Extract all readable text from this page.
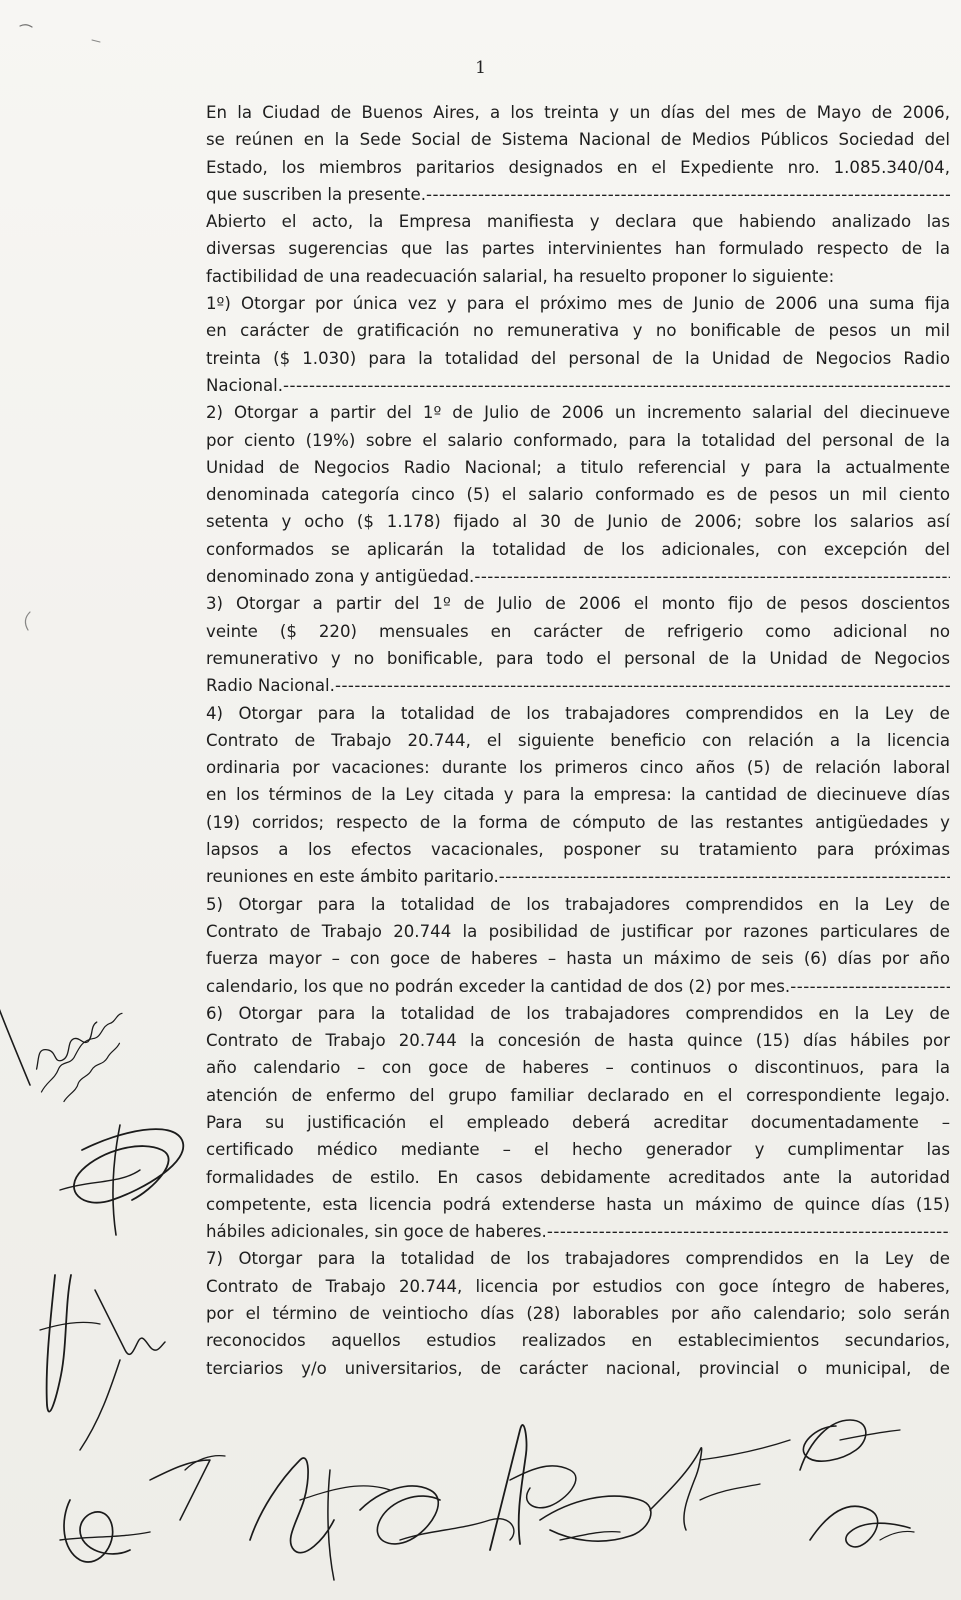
1
En la Ciudad de Buenos Aires, a los treinta y un días del mes de Mayo de 2006,
se reúnen en la Sede Social de Sistema Nacional de Medios Públicos Sociedad del
Estado, los miembros paritarios designados en el Expediente nro. 1.085.340/04,
que suscriben la presente.
-----
Abierto el acto, la Empresa manifiesta y declara que habiendo analizado las
diversas sugerencias que las partes intervinientes han formulado respecto de la
factibilidad de una readecuación salarial, ha resuelto proponer lo siguiente:
1º) Otorgar por única vez y para el próximo mes de Junio de 2006 una suma fija
en carácter de gratificación no remunerativa y no bonificable de pesos un mil
treinta ($ 1.030) para la totalidad del personal de la Unidad de Negocios Radio
Nacional.
-----
2) Otorgar a partir del 1º de Julio de 2006 un incremento salarial del diecinueve
por ciento (19%) sobre el salario conformado, para la totalidad del personal de la
Unidad de Negocios Radio Nacional; a titulo referencial y para la actualmente
denominada categoría cinco (5) el salario conformado es de pesos un mil ciento
setenta y ocho ($ 1.178) fijado al 30 de Junio de 2006; sobre los salarios así
conformados se aplicarán la totalidad de los adicionales, con excepción del
denominado zona y antigüedad.
-----
3) Otorgar a partir del 1º de Julio de 2006 el monto fijo de pesos doscientos
veinte ($ 220) mensuales en carácter de refrigerio como adicional no
remunerativo y no bonificable, para todo el personal de la Unidad de Negocios
Radio Nacional.
-----
4) Otorgar para la totalidad de los trabajadores comprendidos en la Ley de
Contrato de Trabajo 20.744, el siguiente beneficio con relación a la licencia
ordinaria por vacaciones: durante los primeros cinco años (5) de relación laboral
en los términos de la Ley citada y para la empresa: la cantidad de diecinueve días
(19) corridos; respecto de la forma de cómputo de las restantes antigüedades y
lapsos a los efectos vacacionales, posponer su tratamiento para próximas
reuniones en este ámbito paritario.
-----
5) Otorgar para la totalidad de los trabajadores comprendidos en la Ley de
Contrato de Trabajo 20.744 la posibilidad de justificar por razones particulares de
fuerza mayor – con goce de haberes – hasta un máximo de seis (6) días por año
calendario, los que no podrán exceder la cantidad de dos (2) por mes.
-----
6) Otorgar para la totalidad de los trabajadores comprendidos en la Ley de
Contrato de Trabajo 20.744 la concesión de hasta quince (15) días hábiles por
año calendario – con goce de haberes – continuos o discontinuos, para la
atención de enfermo del grupo familiar declarado en el correspondiente legajo.
Para su justificación el empleado deberá acreditar documentadamente –
certificado médico mediante – el hecho generador y cumplimentar las
formalidades de estilo. En casos debidamente acreditados ante la autoridad
competente, esta licencia podrá extenderse hasta un máximo de quince días (15)
hábiles adicionales, sin goce de haberes.
-----
7) Otorgar para la totalidad de los trabajadores comprendidos en la Ley de
Contrato de Trabajo 20.744, licencia por estudios con goce íntegro de haberes,
por el término de veintiocho días (28) laborables por año calendario; solo serán
reconocidos aquellos estudios realizados en establecimientos secundarios,
terciarios y/o universitarios, de carácter nacional, provincial o municipal, de
